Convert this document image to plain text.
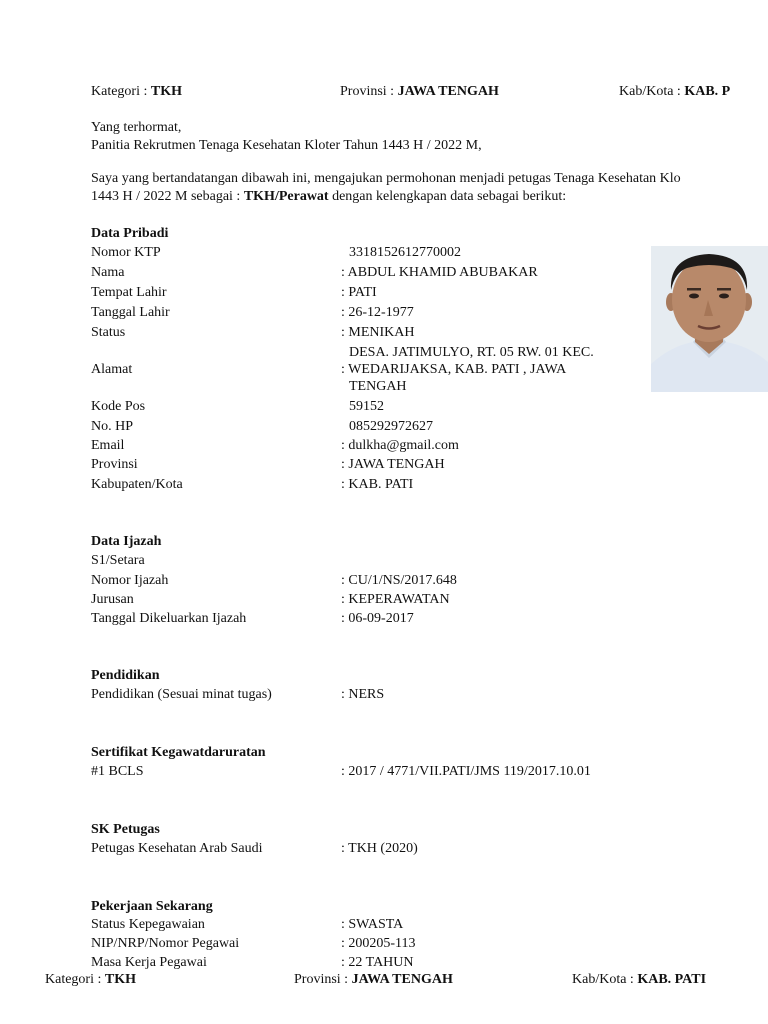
Kategori : TKH	Provinsi : JAWA TENGAH	Kab/Kota : KAB. P
Yang terhormat,
Panitia Rekrutmen Tenaga Kesehatan Kloter Tahun 1443 H / 2022 M,
Saya yang bertandatangan dibawah ini, mengajukan permohonan menjadi petugas Tenaga Kesehatan Klo
1443 H / 2022 M sebagai : TKH/Perawat dengan kelengkapan data sebagai berikut:
Data Pribadi
Nomor KTP	3318152612770002
Nama	: ABDUL KHAMID ABUBAKAR
Tempat Lahir	: PATI
Tanggal Lahir	: 26-12-1977
Status	: MENIKAH
DESA. JATIMULYO, RT. 05 RW. 01 KEC.
Alamat	: WEDARIJAKSA, KAB. PATI , JAWA
TENGAH
Kode Pos	59152
No. HP	085292972627
Email	: dulkha@gmail.com
Provinsi	: JAWA TENGAH
Kabupaten/Kota	: KAB. PATI
Data Ijazah
S1/Setara
Nomor Ijazah	: CU/1/NS/2017.648
Jurusan	: KEPERAWATAN
Tanggal Dikeluarkan Ijazah	: 06-09-2017
Pendidikan
Pendidikan (Sesuai minat tugas)	: NERS
Sertifikat Kegawatdaruratan
#1 BCLS	: 2017 / 4771/VII.PATI/JMS 119/2017.10.01
SK Petugas
Petugas Kesehatan Arab Saudi	: TKH (2020)
Pekerjaan Sekarang
Status Kepegawaian	: SWASTA
NIP/NRP/Nomor Pegawai	: 200205-113
Masa Kerja Pegawai	: 22 TAHUN
Kategori : TKH	Provinsi : JAWA TENGAH	Kab/Kota : KAB. PATI
